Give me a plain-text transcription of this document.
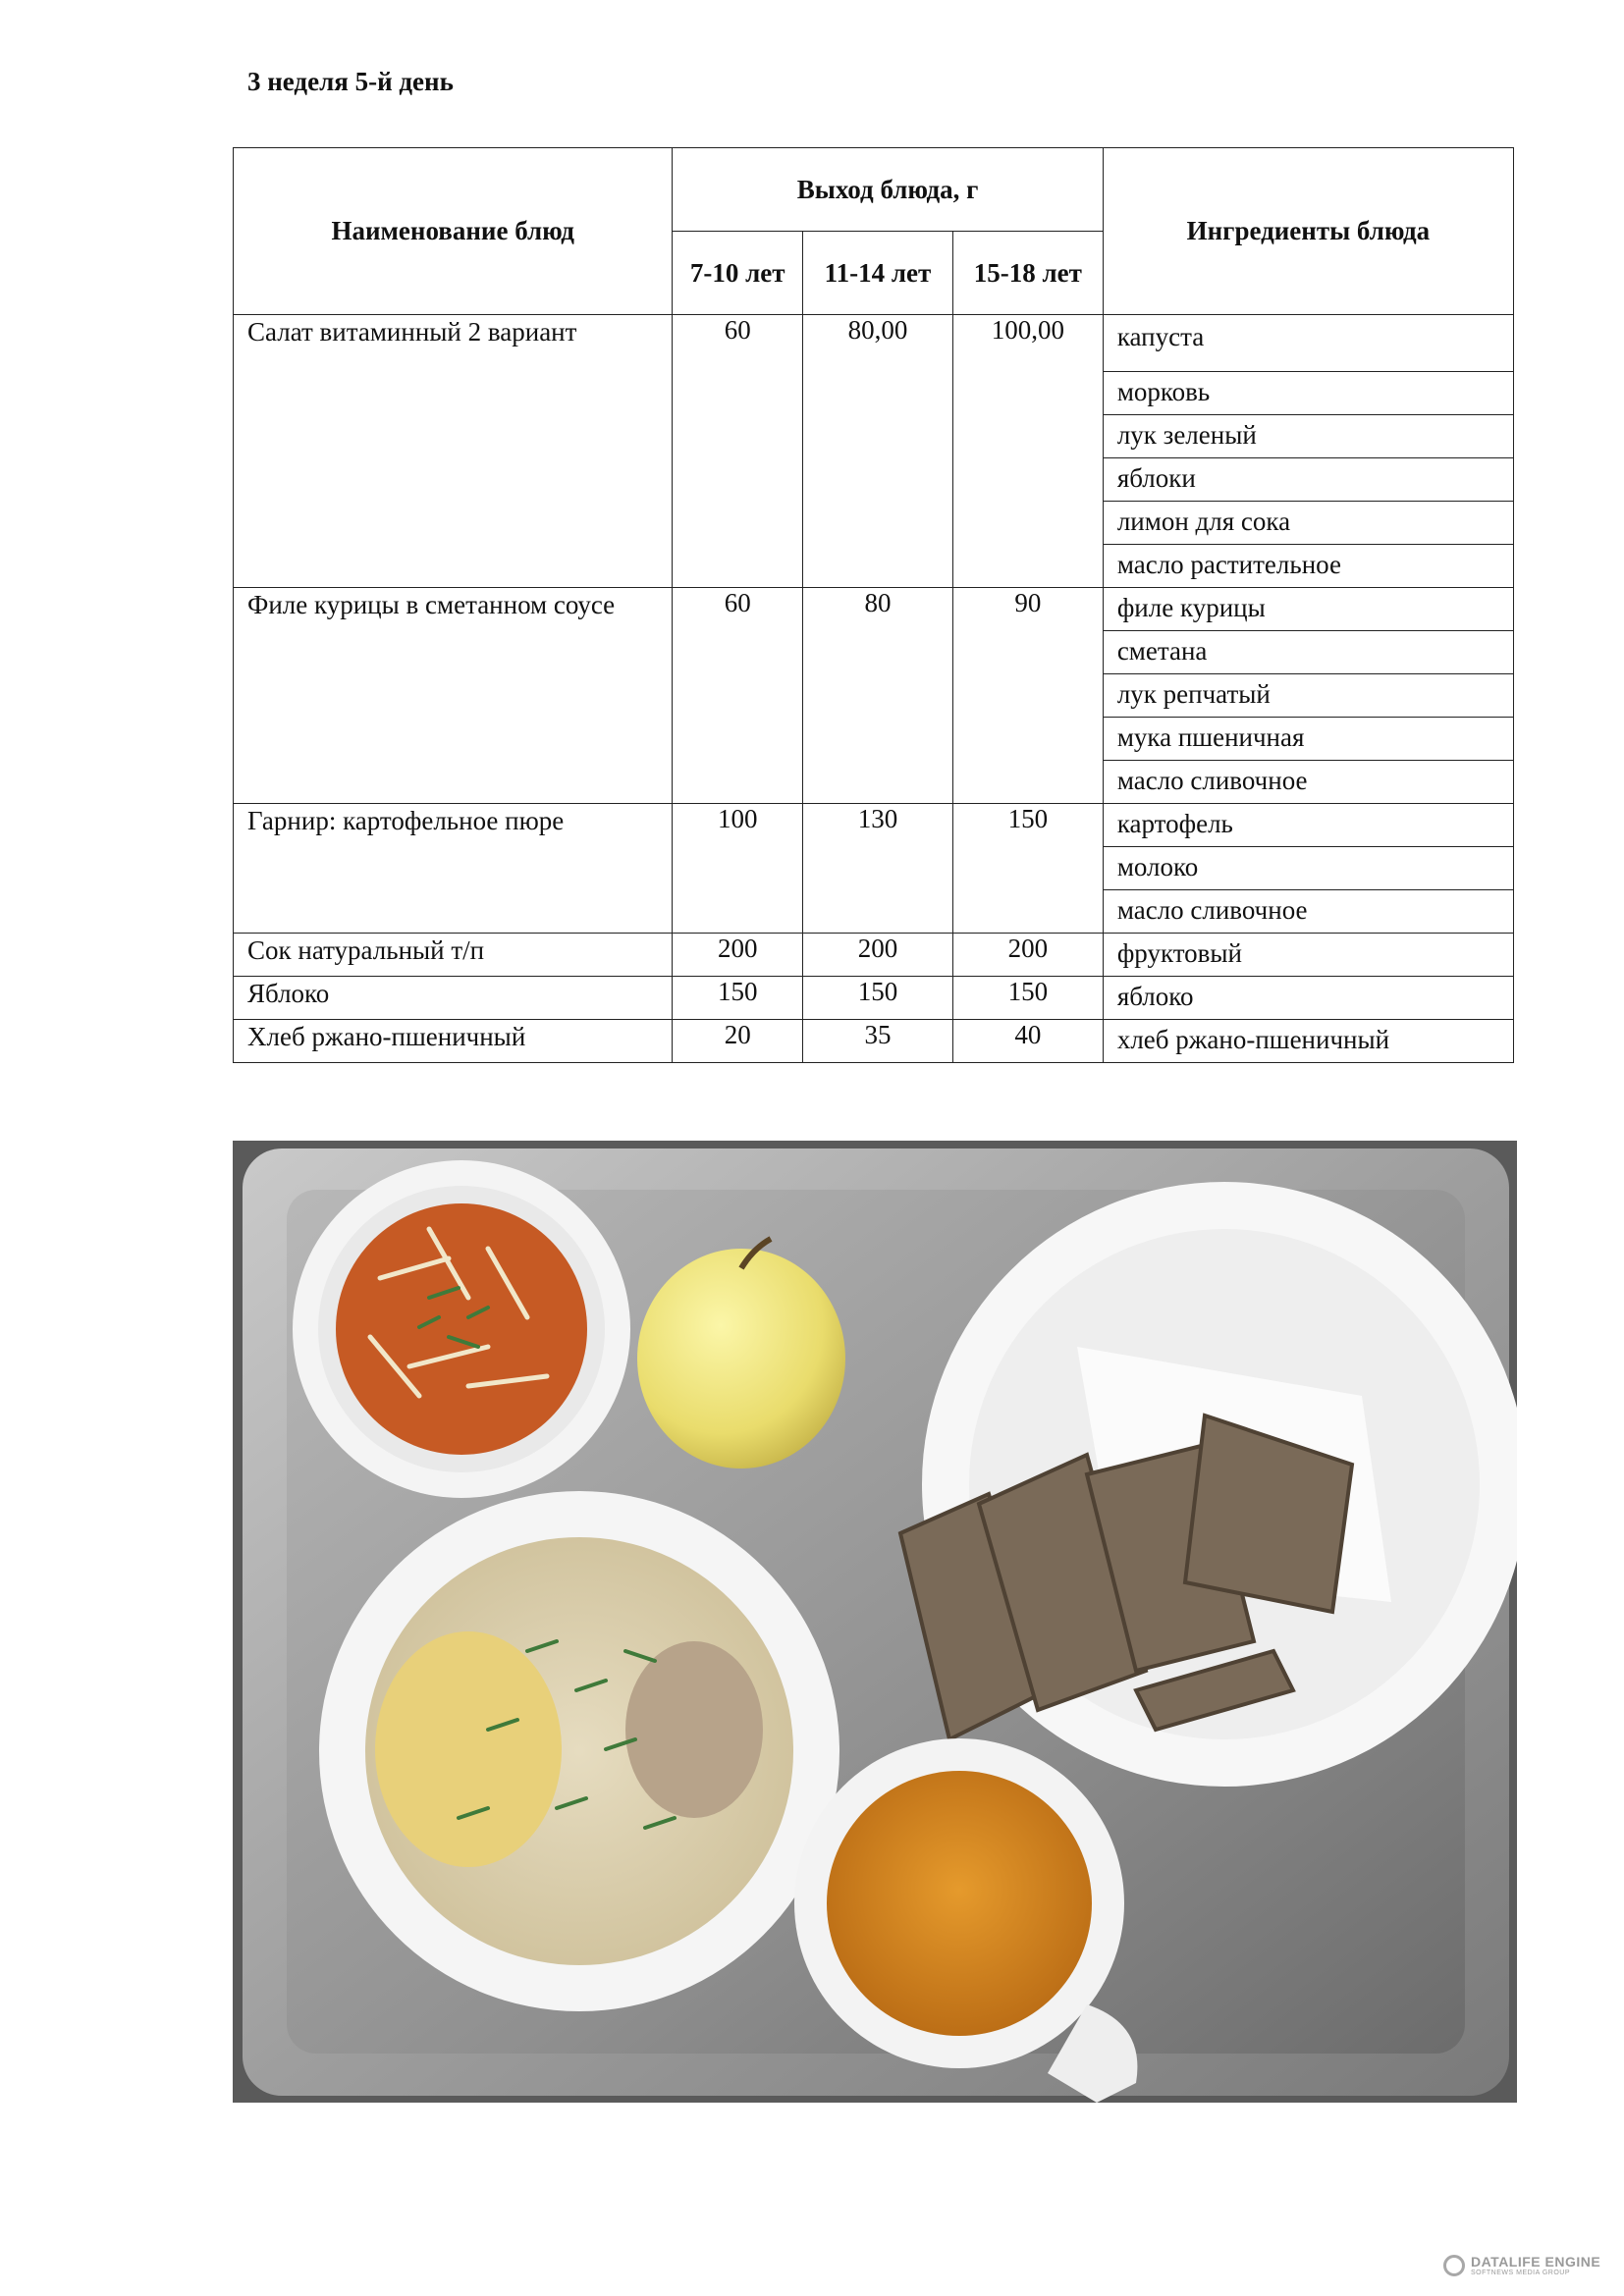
3 неделя 5-й день
Наименование блюд	Выход блюда, г			Ингредиенты блюда
	7-10 лет	11-14 лет	15-18 лет	
Салат витаминный 2 вариант	60	80,00	100,00	капуста
				морковь
				лук зеленый
				яблоки
				лимон для сока
				масло растительное
Филе курицы в сметанном соусе	60	80	90	филе курицы
				сметана
				лук репчатый
				мука пшеничная
				масло сливочное
Гарнир: картофельное пюре	100	130	150	картофель
				молоко
				масло сливочное
Сок натуральный т/п	200	200	200	фруктовый
Яблоко	150	150	150	яблоко
Хлеб ржано-пшеничный	20	35	40	хлеб ржано-пшеничный
DATALIFE ENGINE
SOFTNEWS MEDIA GROUP
